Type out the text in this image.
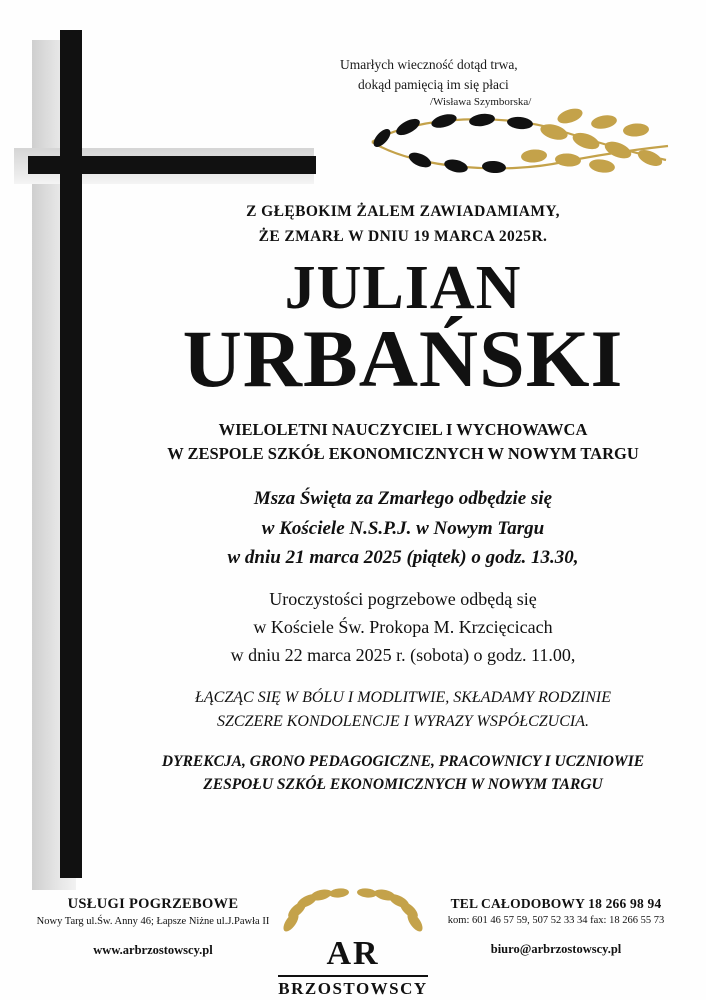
Umarłych wieczność dotąd trwa,
dokąd pamięcią im się płaci
/Wisława Szymborska/
Z GŁĘBOKIM ŻALEM ZAWIADAMIAMY,
ŻE ZMARŁ W DNIU 19 MARCA 2025R.
JULIAN
URBAŃSKI
WIELOLETNI NAUCZYCIEL I WYCHOWAWCA
W ZESPOLE SZKÓŁ EKONOMICZNYCH W NOWYM TARGU
Msza Święta za Zmarłego odbędzie się
w Kościele N.S.P.J. w Nowym Targu
w dniu 21 marca 2025 (piątek) o godz. 13.30,
Uroczystości pogrzebowe odbędą się
w Kościele Św. Prokopa M. Krzcięcicach
w dniu 22 marca 2025 r. (sobota) o godz. 11.00,
ŁĄCZĄC SIĘ W BÓLU I MODLITWIE, SKŁADAMY RODZINIE
SZCZERE KONDOLENCJE I WYRAZY WSPÓŁCZUCIA.
DYREKCJA, GRONO PEDAGOGICZNE, PRACOWNICY I UCZNIOWIE
ZESPOŁU SZKÓŁ EKONOMICZNYCH W NOWYM TARGU
USŁUGI POGRZEBOWE
Nowy Targ ul.Św. Anny 46; Łapsze Niżne ul.J.Pawła II
www.arbrzostowscy.pl	AR
BRZOSTOWSCY
TEL CAŁODOBOWY 18 266 98 94
kom: 601 46 57 59, 507 52 33 34 fax: 18 266 55 73
biuro@arbrzostowscy.pl
